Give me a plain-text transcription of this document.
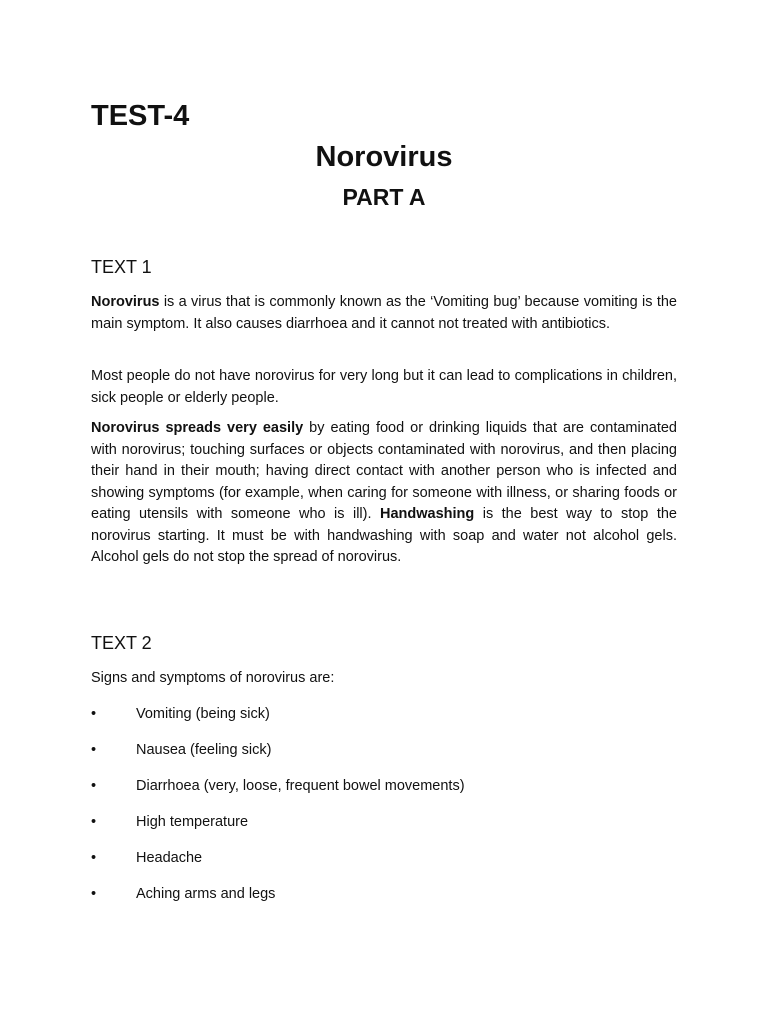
TEST-4
Norovirus
PART A
TEXT 1

Norovirus is a virus that is commonly known as the ‘Vomiting bug’ because vomiting is the main symptom. It also causes diarrhoea and it cannot not treated with antibiotics.

Most people do not have norovirus for very long but it can lead to complications in children, sick people or elderly people.

Norovirus spreads very easily by eating food or drinking liquids that are contaminated with norovirus; touching surfaces or objects contaminated with norovirus, and then placing their hand in their mouth; having direct contact with another person who is infected and showing symptoms (for example, when caring for someone with illness, or sharing foods or eating utensils with someone who is ill). Handwashing is the best way to stop the norovirus starting. It must be with handwashing with soap and water not alcohol gels. Alcohol gels do not stop the spread of norovirus.

TEXT 2

Signs and symptoms of norovirus are:

•	Vomiting (being sick)
•	Nausea (feeling sick)
•	Diarrhoea (very, loose, frequent bowel movements)
•	High temperature
•	Headache
•	Aching arms and legs
